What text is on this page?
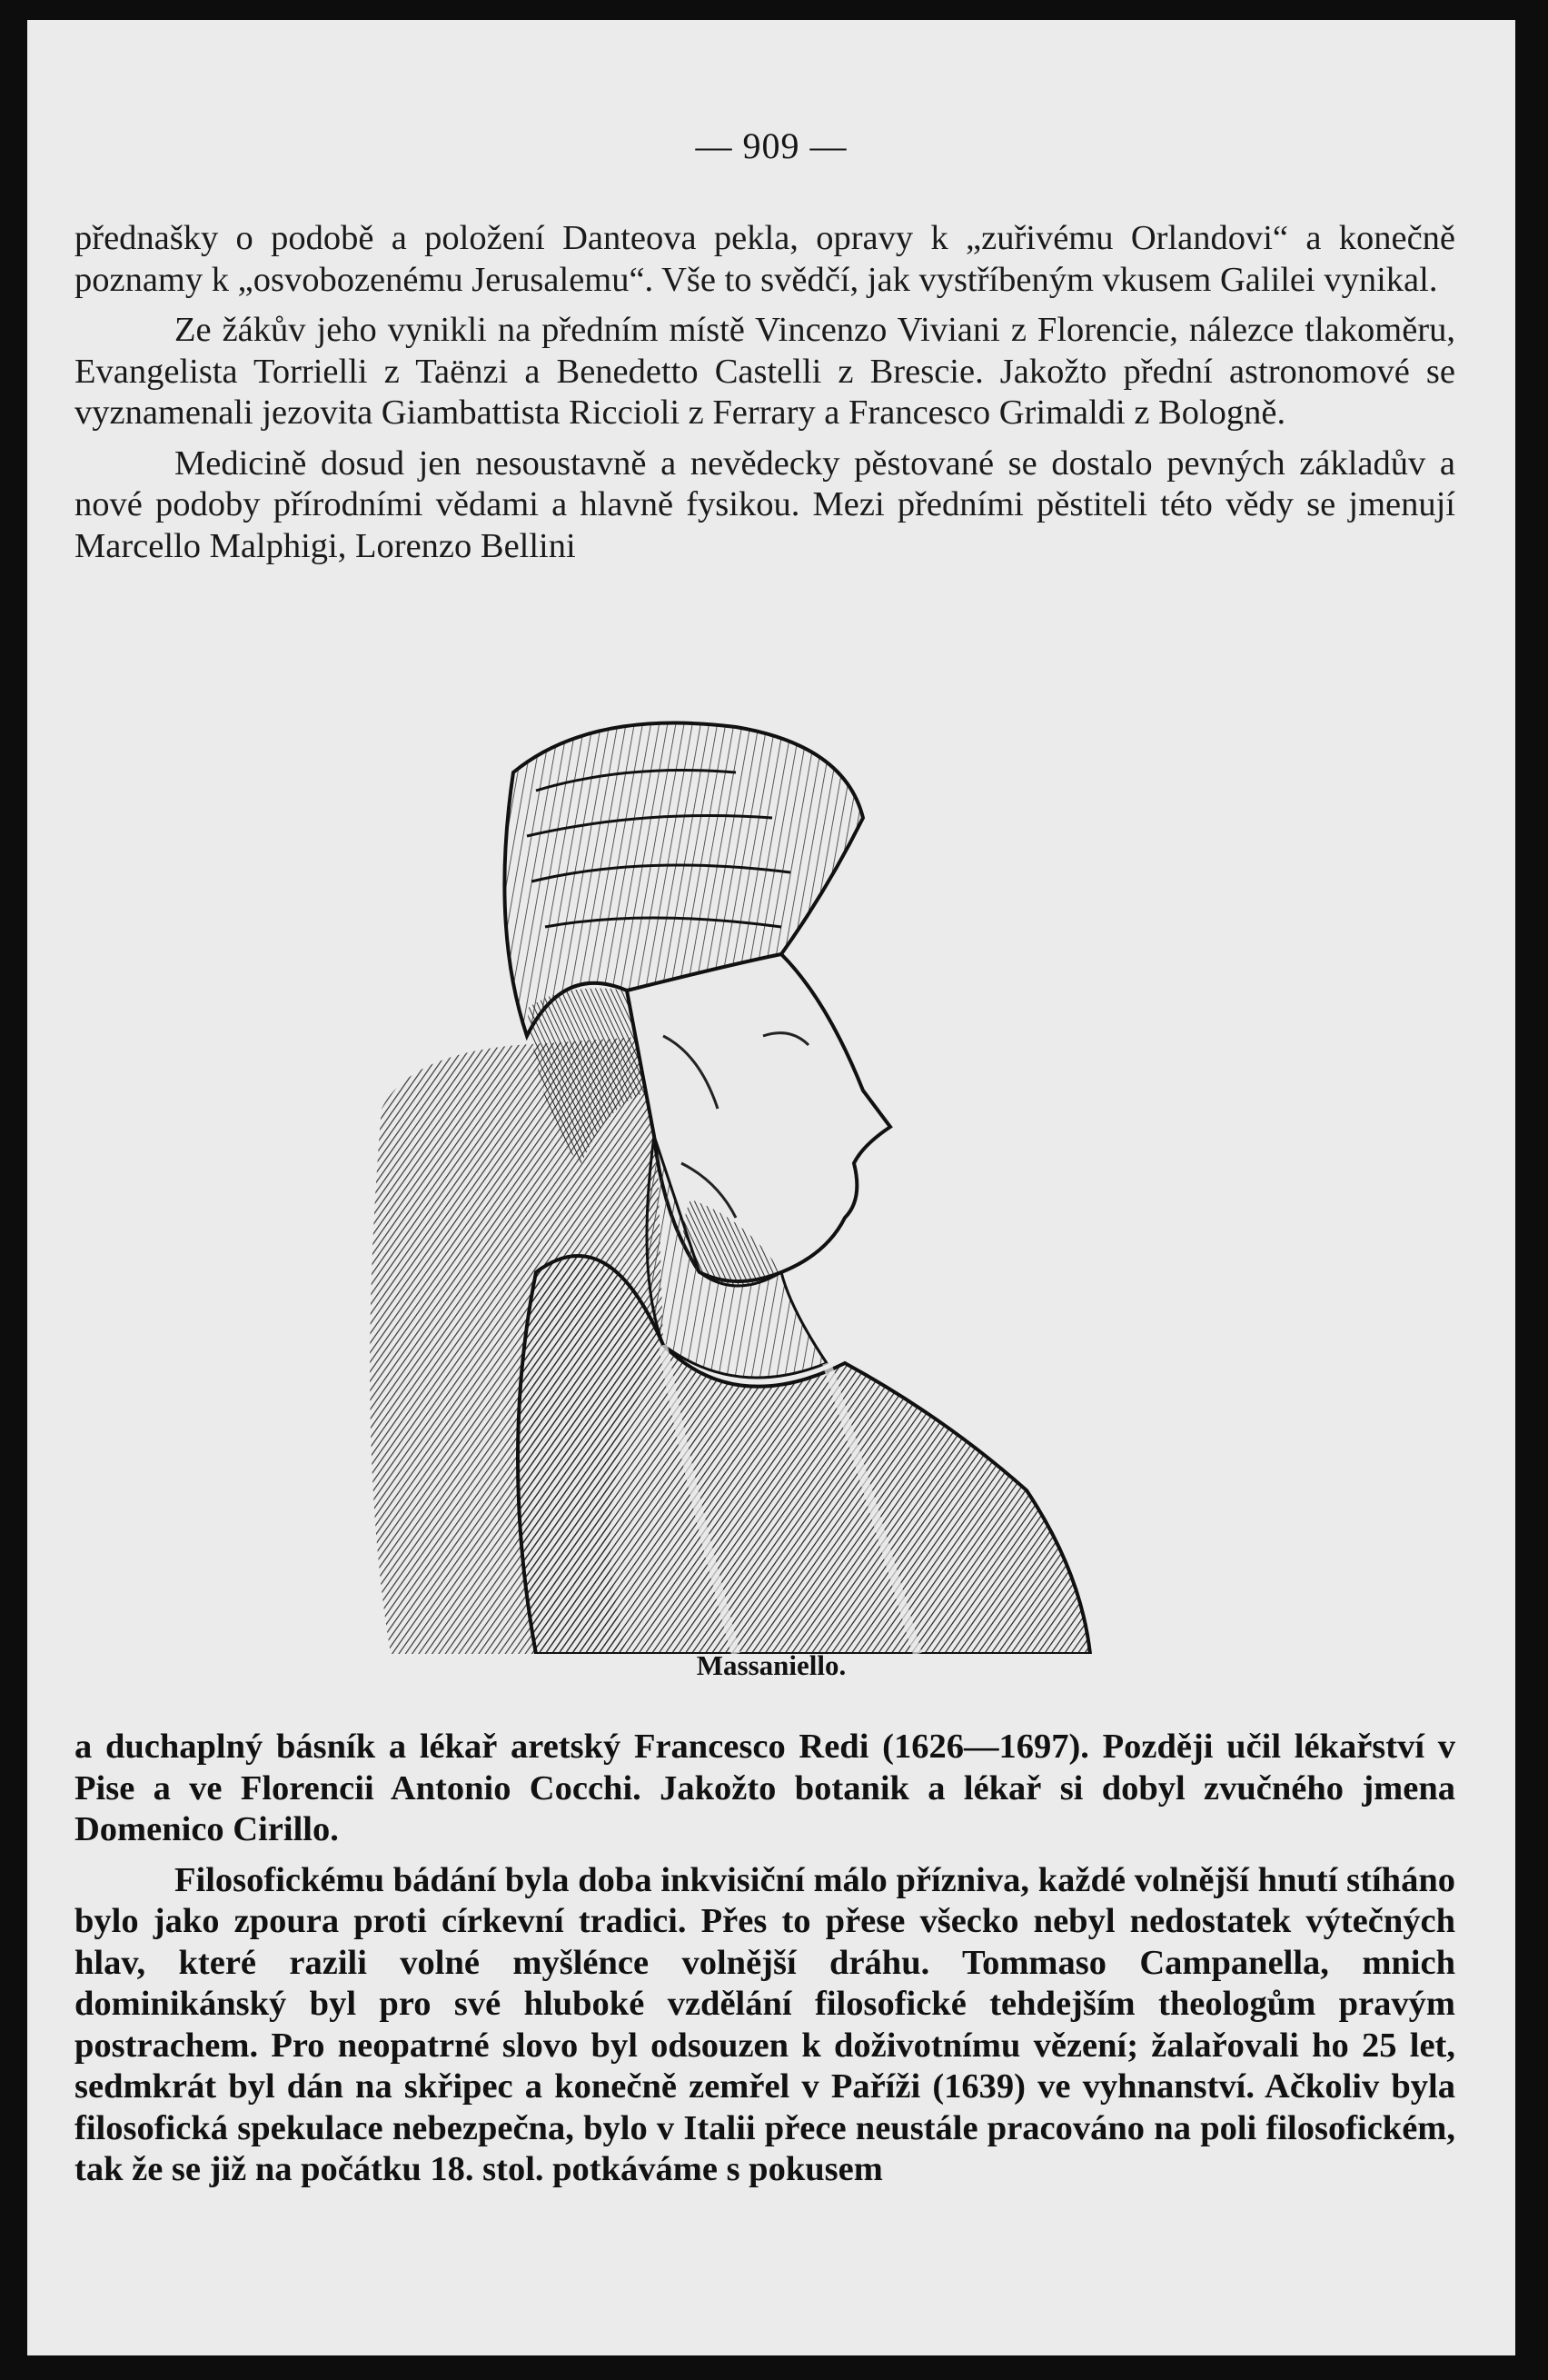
— 909 —

přednašky o podobě a položení Danteova pekla, opravy k „zuřivému Orlandovi“ a konečně poznamy k „osvobozenému Jerusalemu“. Vše to svědčí, jak vystříbeným vkusem Galilei vynikal.

Ze žákův jeho vynikli na předním místě Vincenzo Viviani z Florencie, nálezce tlakoměru, Evangelista Torrielli z Taënzi a Benedetto Castelli z Brescie. Jakožto přední astronomové se vyznamenali jezovita Giambattista Riccioli z Ferrary a Francesco Grimaldi z Bologně.

Medicině dosud jen nesoustavně a nevědecky pěstované se dostalo pevných základův a nové podoby přírodními vědami a hlavně fysikou. Mezi předními pěstiteli této vědy se jmenují Marcello Malphigi, Lorenzo Bellini

Massaniello.

a duchaplný básník a lékař aretský Francesco Redi (1626—1697). Později učil lékařství v Pise a ve Florencii Antonio Cocchi. Jakožto botanik a lékař si dobyl zvučného jmena Domenico Cirillo.

Filosofickému bádání byla doba inkvisiční málo přízniva, každé volnější hnutí stíháno bylo jako zpoura proti církevní tradici. Přes to přese všecko nebyl nedostatek výtečných hlav, které razili volné myšlénce volnější dráhu. Tommaso Campanella, mnich dominikánský byl pro své hluboké vzdělání filosofické tehdejším theologům pravým postrachem. Pro neopatrné slovo byl odsouzen k doživotnímu vězení; žalařovali ho 25 let, sedmkrát byl dán na skřipec a konečně zemřel v Paříži (1639) ve vyhnanství. Ačkoliv byla filosofická spekulace nebezpečna, bylo v Italii přece neustále pracováno na poli filosofickém, tak že se již na počátku 18. stol. potkáváme s pokusem
